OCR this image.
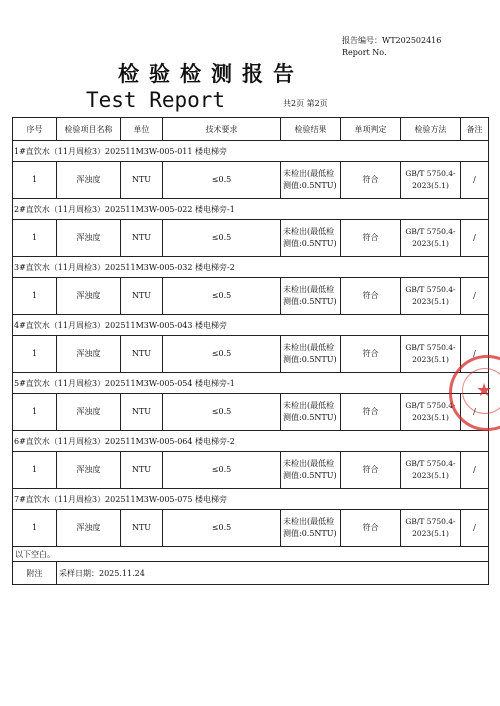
报告编号：WT202502416
Report No.
检验检测报告
Test Report	共2页 第2页
序号	检验项目名称	单位	技术要求	检验结果	单项判定	检验方法	备注
1#直饮水（11月周检3）202511M3W-005-011 楼电梯旁							
1	浑浊度	NTU	≤0.5	未检出(最低检测值:0.5NTU)	符合	GB/T 5750.4-2023(5.1)	/
2#直饮水（11月周检3）202511M3W-005-022 楼电梯旁-1							
1	浑浊度	NTU	≤0.5	未检出(最低检测值:0.5NTU)	符合	GB/T 5750.4-2023(5.1)	/
3#直饮水（11月周检3）202511M3W-005-032 楼电梯旁-2							
1	浑浊度	NTU	≤0.5	未检出(最低检测值:0.5NTU)	符合	GB/T 5750.4-2023(5.1)	/
4#直饮水（11月周检3）202511M3W-005-043 楼电梯旁							
1	浑浊度	NTU	≤0.5	未检出(最低检测值:0.5NTU)	符合	GB/T 5750.4-2023(5.1)	/
5#直饮水（11月周检3）202511M3W-005-054 楼电梯旁-1							
1	浑浊度	NTU	≤0.5	未检出(最低检测值:0.5NTU)	符合	GB/T 5750.4-2023(5.1)	/
6#直饮水（11月周检3）202511M3W-005-064 楼电梯旁-2							
1	浑浊度	NTU	≤0.5	未检出(最低检测值:0.5NTU)	符合	GB/T 5750.4-2023(5.1)	/
7#直饮水（11月周检3）202511M3W-005-075 楼电梯旁							
1	浑浊度	NTU	≤0.5	未检出(最低检测值:0.5NTU)	符合	GB/T 5750.4-2023(5.1)	/
以下空白。							
附注	采样日期：2025.11.24						
★
